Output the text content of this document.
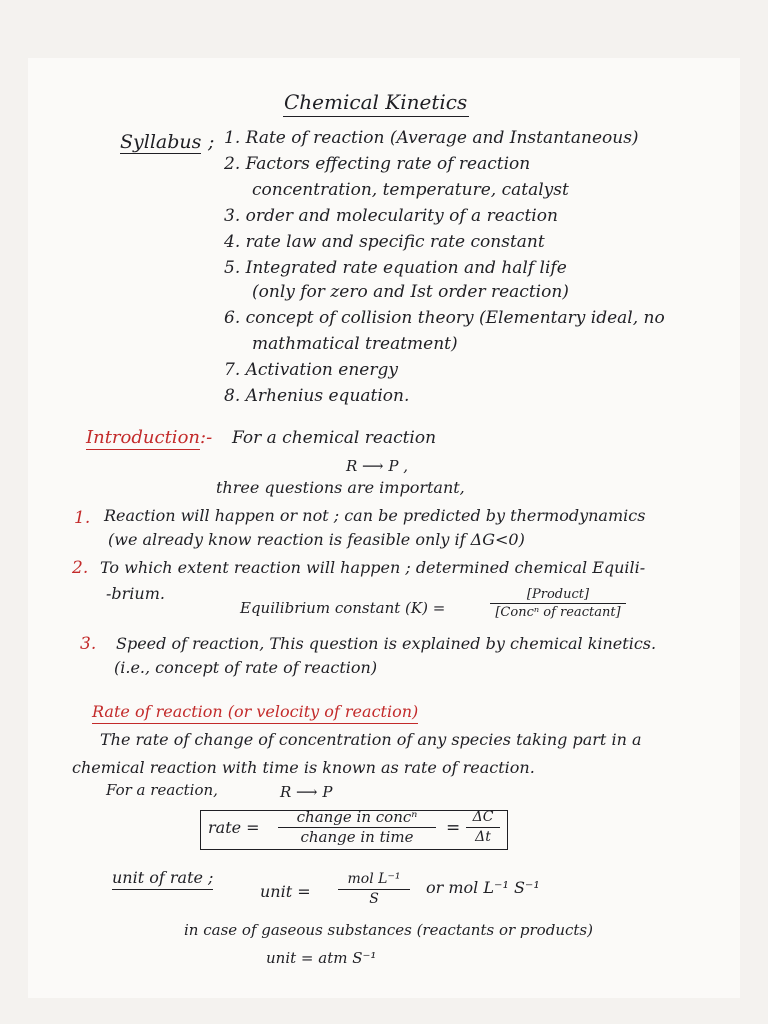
Chemical Kinetics
Syllabus ; 1. Rate of reaction (Average and Instantaneous)
2. Factors effecting rate of reaction
concentration, temperature, catalyst
3. order and molecularity of a reaction
4. rate law and specific rate constant
5. Integrated rate equation and half life
(only for zero and Ist order reaction)
6. concept of collision theory (Elementary ideal, no
mathmatical treatment)
7. Activation energy
8. Arhenius equation.
Introduction :- For a chemical reaction
R ⟶ P ,
three questions are important,
1. Reaction will happen or not ; can be predicted by thermodynamics
(we already know reaction is feasible only if ΔG<0)
2. To which extent reaction will happen ; determined chemical Equili-
-brium.
Equilibrium constant (K) =
[Product]
[Concⁿ of reactant]
3. Speed of reaction, This question is explained by chemical kinetics.
(i.e., concept of rate of reaction)
Rate of reaction (or velocity of reaction)
The rate of change of concentration of any species taking part in a
chemical reaction with time is known as rate of reaction.
For a reaction,	R ⟶ P
rate =
change in concⁿ
change in time	= $\frac{\Delta C}{\Delta t}$
unit of rate ;
unit =
mol L⁻¹
S
or mol L⁻¹ S⁻¹
in case of gaseous substances (reactants or products)
unit = atm S⁻¹
